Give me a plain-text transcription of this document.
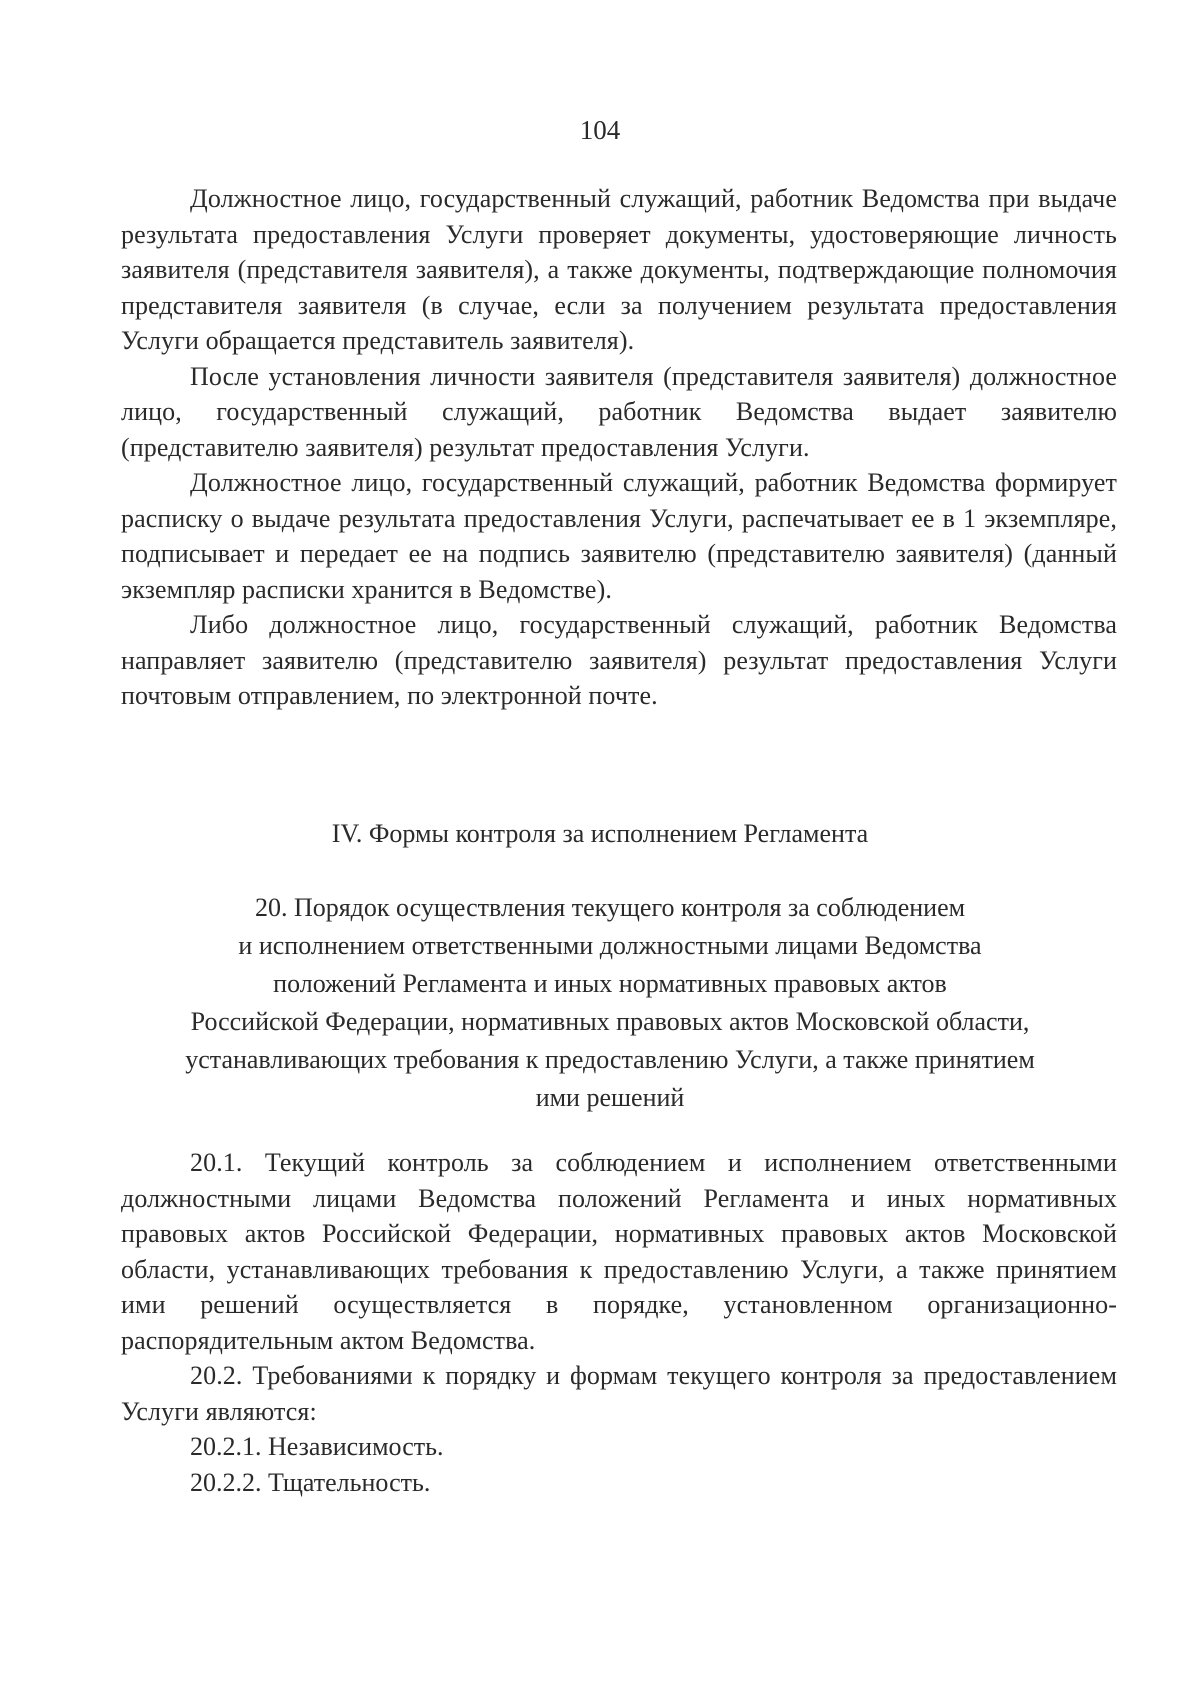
104

Должностное лицо, государственный служащий, работник Ведомства при выдаче результата предоставления Услуги проверяет документы, удостоверяющие личность заявителя (представителя заявителя), а также документы, подтверждающие полномочия представителя заявителя (в случае, если за получением результата предоставления Услуги обращается представитель заявителя).

После установления личности заявителя (представителя заявителя) должностное лицо, государственный служащий, работник Ведомства выдает заявителю (представителю заявителя) результат предоставления Услуги.

Должностное лицо, государственный служащий, работник Ведомства формирует расписку о выдаче результата предоставления Услуги, распечатывает ее в 1 экземпляре, подписывает и передает ее на подпись заявителю (представителю заявителя) (данный экземпляр расписки хранится в Ведомстве).

Либо должностное лицо, государственный служащий, работник Ведомства направляет заявителю (представителю заявителя) результат предоставления Услуги почтовым отправлением, по электронной почте.

IV. Формы контроля за исполнением Регламента
20. Порядок осуществления текущего контроля за соблюдением
и исполнением ответственными должностными лицами Ведомства
положений Регламента и иных нормативных правовых актов
Российской Федерации, нормативных правовых актов Московской области,
устанавливающих требования к предоставлению Услуги, а также принятием
ими решений

20.1. Текущий контроль за соблюдением и исполнением ответственными должностными лицами Ведомства положений Регламента и иных нормативных правовых актов Российской Федерации, нормативных правовых актов Московской области, устанавливающих требования к предоставлению Услуги, а также принятием ими решений осуществляется в порядке, установленном организационно-распорядительным актом Ведомства.

20.2. Требованиями к порядку и формам текущего контроля за предоставлением Услуги являются:

20.2.1. Независимость.

20.2.2. Тщательность.
